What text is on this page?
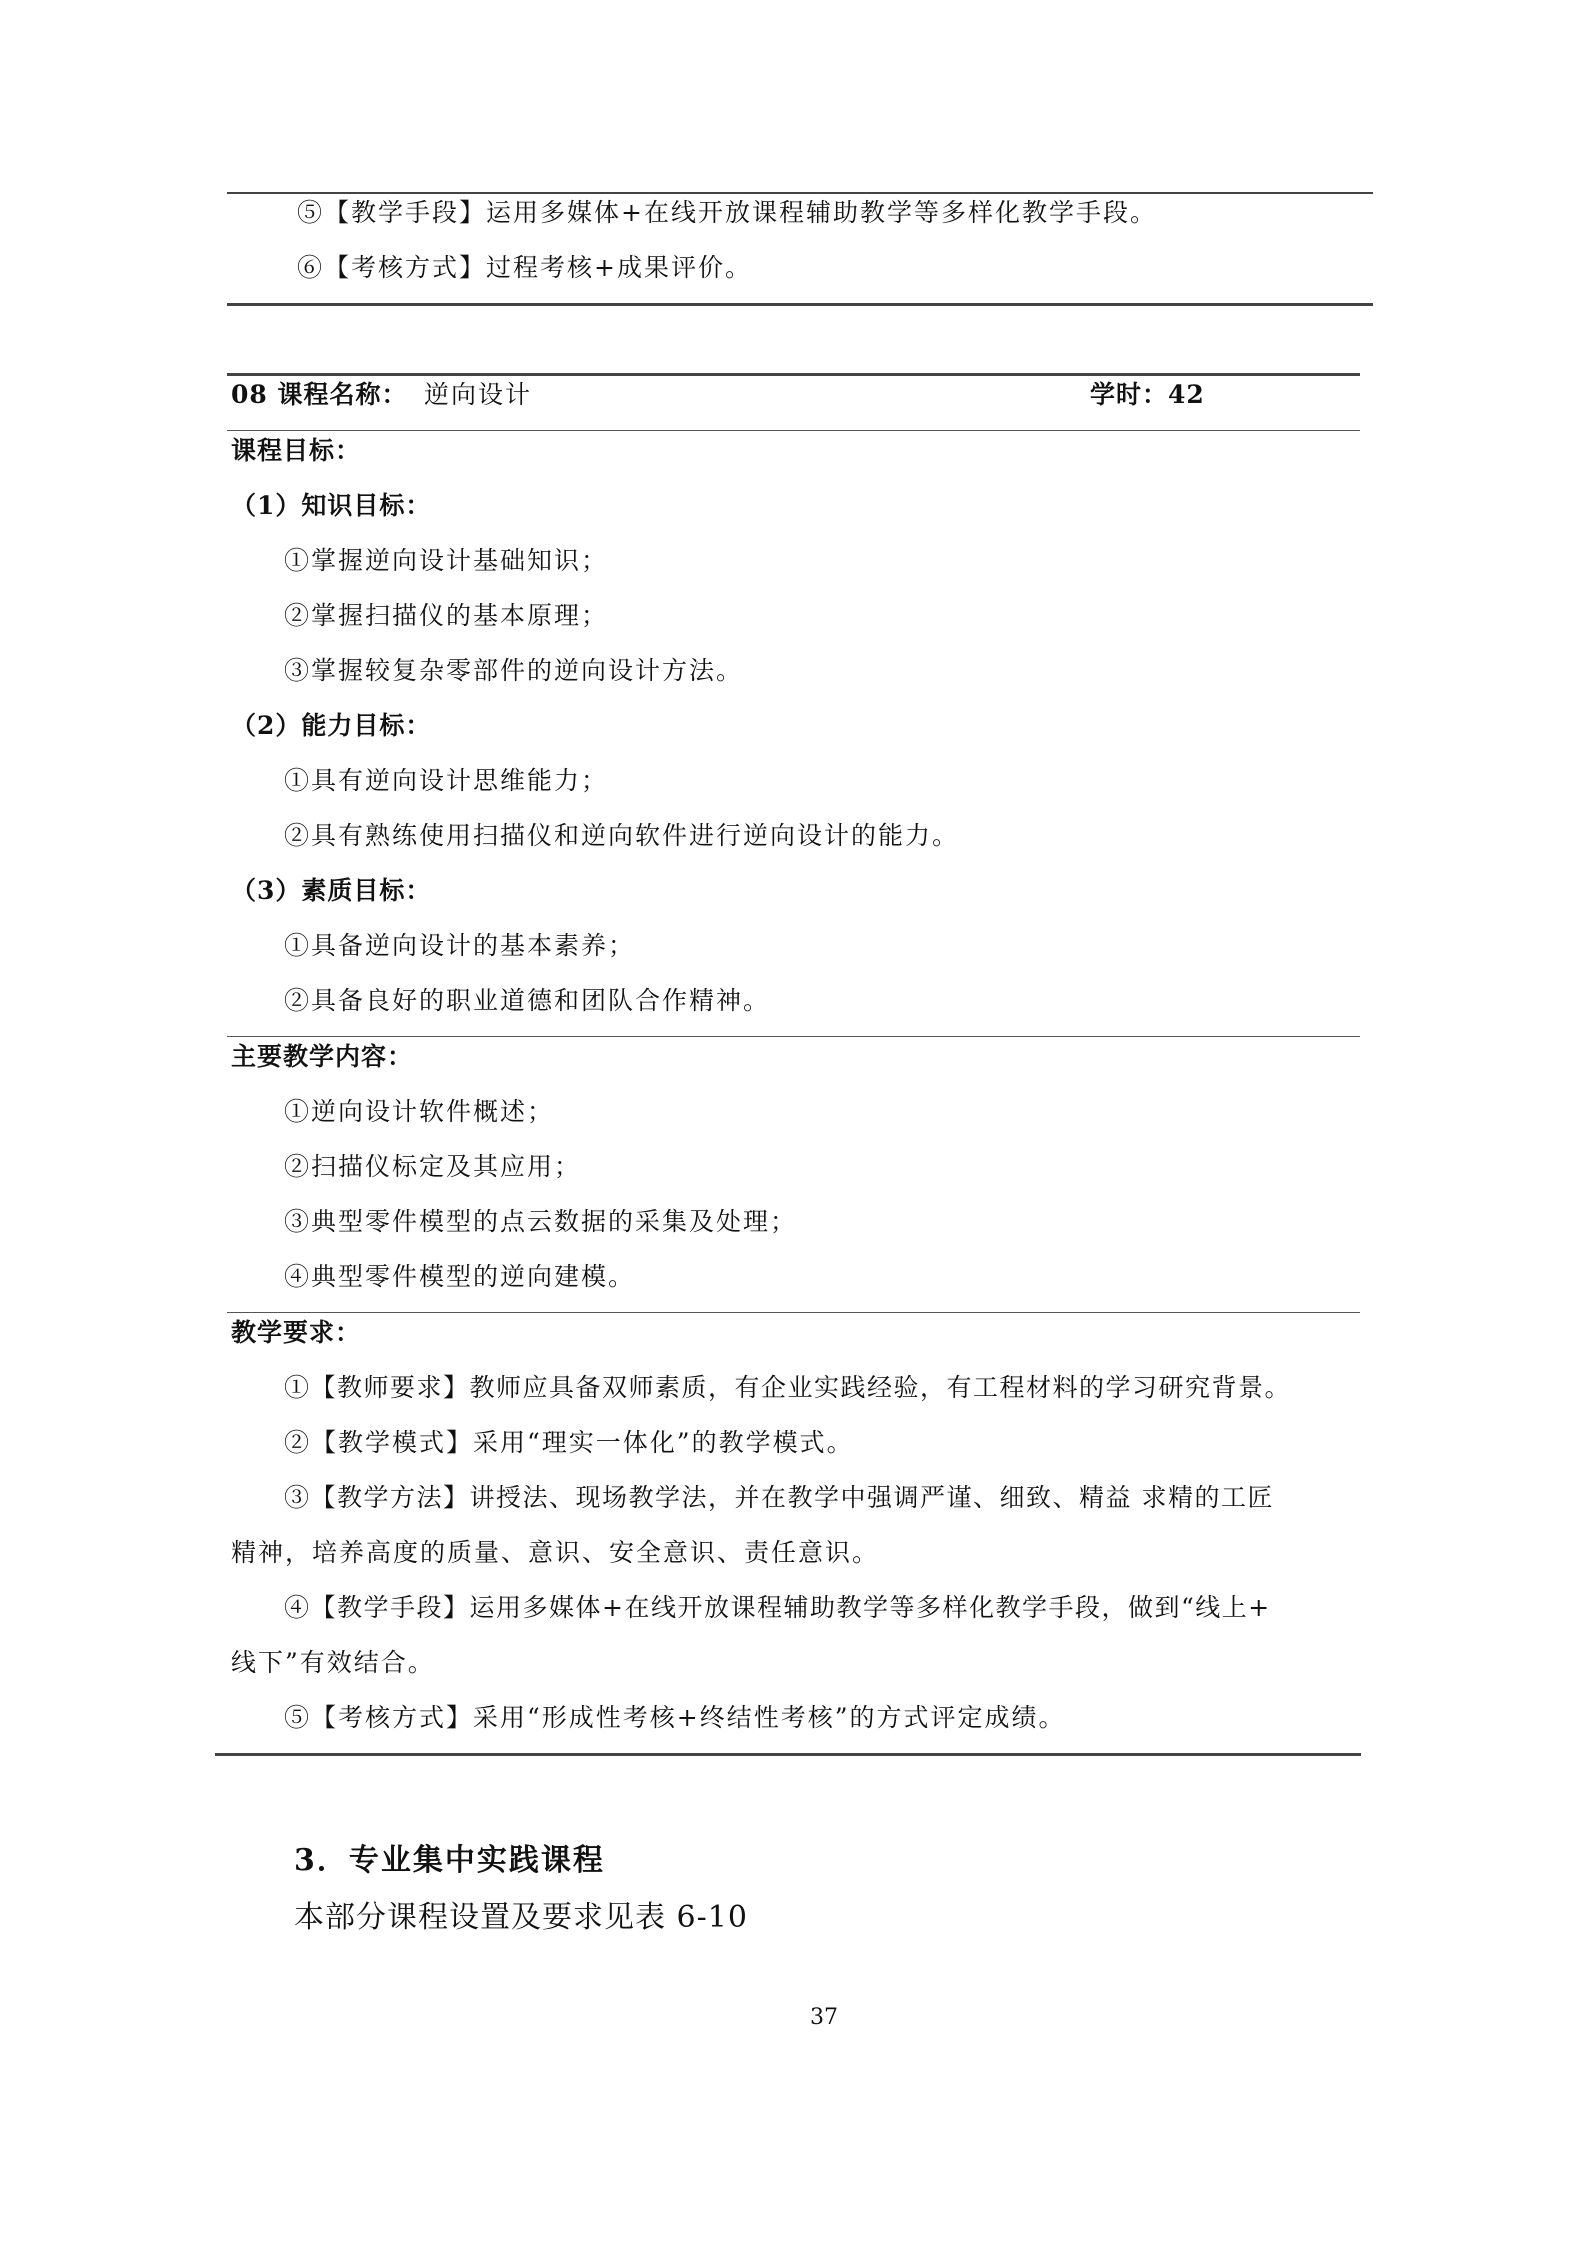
⑤【教学手段】运用多媒体+在线开放课程辅助教学等多样化教学手段。
⑥【考核方式】过程考核+成果评价。
08 课程名称： 逆向设计	学时：42
课程目标：
（1）知识目标：
①掌握逆向设计基础知识；
②掌握扫描仪的基本原理；
③掌握较复杂零部件的逆向设计方法。
（2）能力目标：
①具有逆向设计思维能力；
②具有熟练使用扫描仪和逆向软件进行逆向设计的能力。
（3）素质目标：
①具备逆向设计的基本素养；
②具备良好的职业道德和团队合作精神。
主要教学内容：
①逆向设计软件概述；
②扫描仪标定及其应用；
③典型零件模型的点云数据的采集及处理；
④典型零件模型的逆向建模。
教学要求：
①【教师要求】教师应具备双师素质，有企业实践经验，有工程材料的学习研究背景。
②【教学模式】采用“理实一体化”的教学模式。
③【教学方法】讲授法、现场教学法，并在教学中强调严谨、细致、精益 求精的工匠
精神，培养高度的质量、意识、安全意识、责任意识。
④【教学手段】运用多媒体+在线开放课程辅助教学等多样化教学手段，做到“线上+
线下”有效结合。
⑤【考核方式】采用“形成性考核+终结性考核”的方式评定成绩。
3．专业集中实践课程
本部分课程设置及要求见表 6-10
37
